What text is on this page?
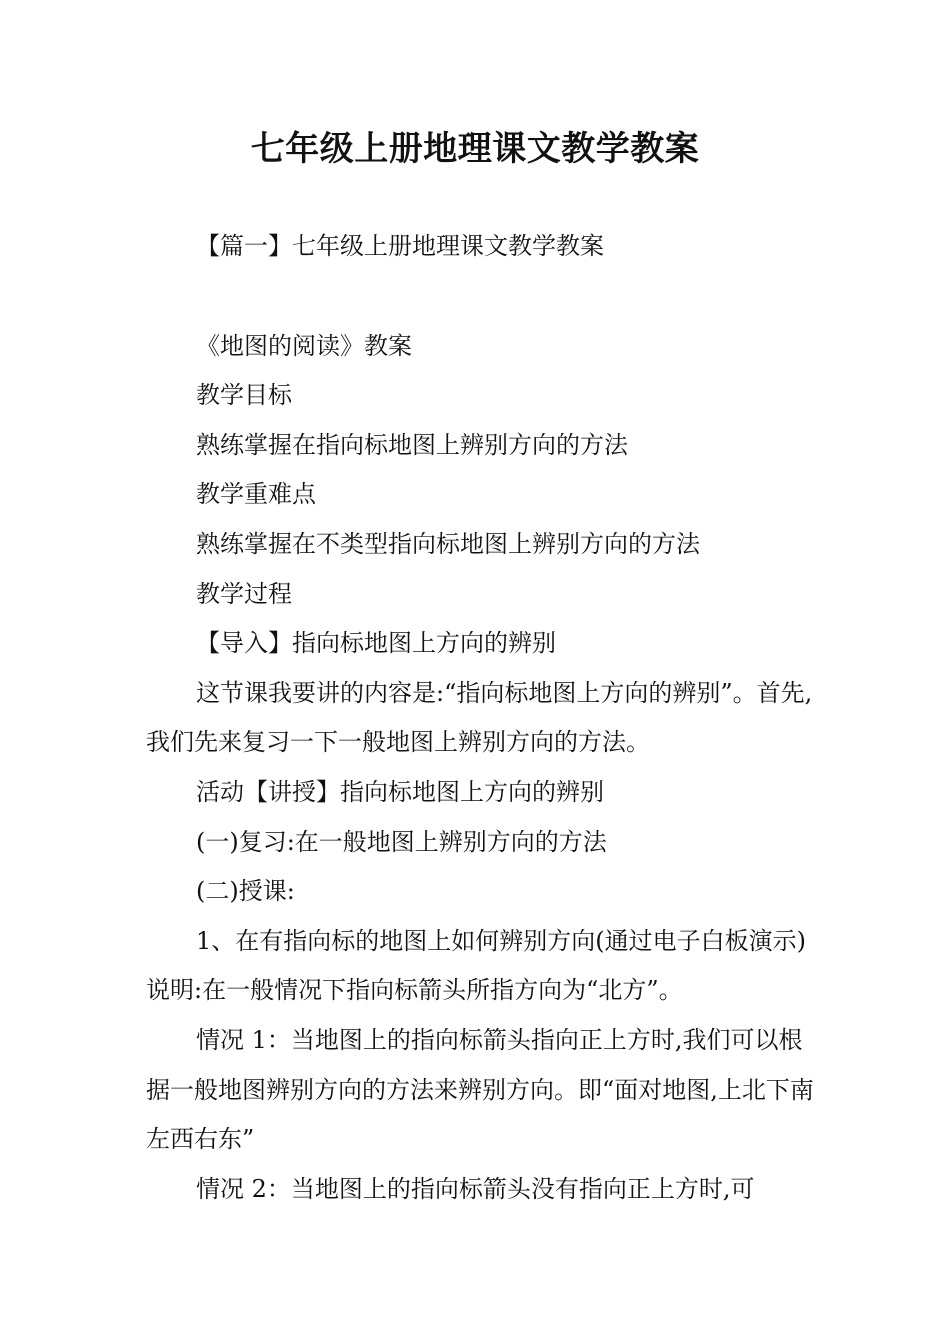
七年级上册地理课文教学教案

【篇一】七年级上册地理课文教学教案

《地图的阅读》教案

教学目标

熟练掌握在指向标地图上辨别方向的方法

教学重难点

熟练掌握在不类型指向标地图上辨别方向的方法

教学过程

【导入】指向标地图上方向的辨别

这节课我要讲的内容是:“指向标地图上方向的辨别”。首先,我们先来复习一下一般地图上辨别方向的方法。

活动【讲授】指向标地图上方向的辨别

(一)复习:在一般地图上辨别方向的方法

(二)授课:

1、在有指向标的地图上如何辨别方向(通过电子白板演示)说明:在一般情况下指向标箭头所指方向为“北方”。

情况 1：当地图上的指向标箭头指向正上方时,我们可以根据一般地图辨别方向的方法来辨别方向。即“面对地图,上北下南左西右东”

情况 2：当地图上的指向标箭头没有指向正上方时,可
